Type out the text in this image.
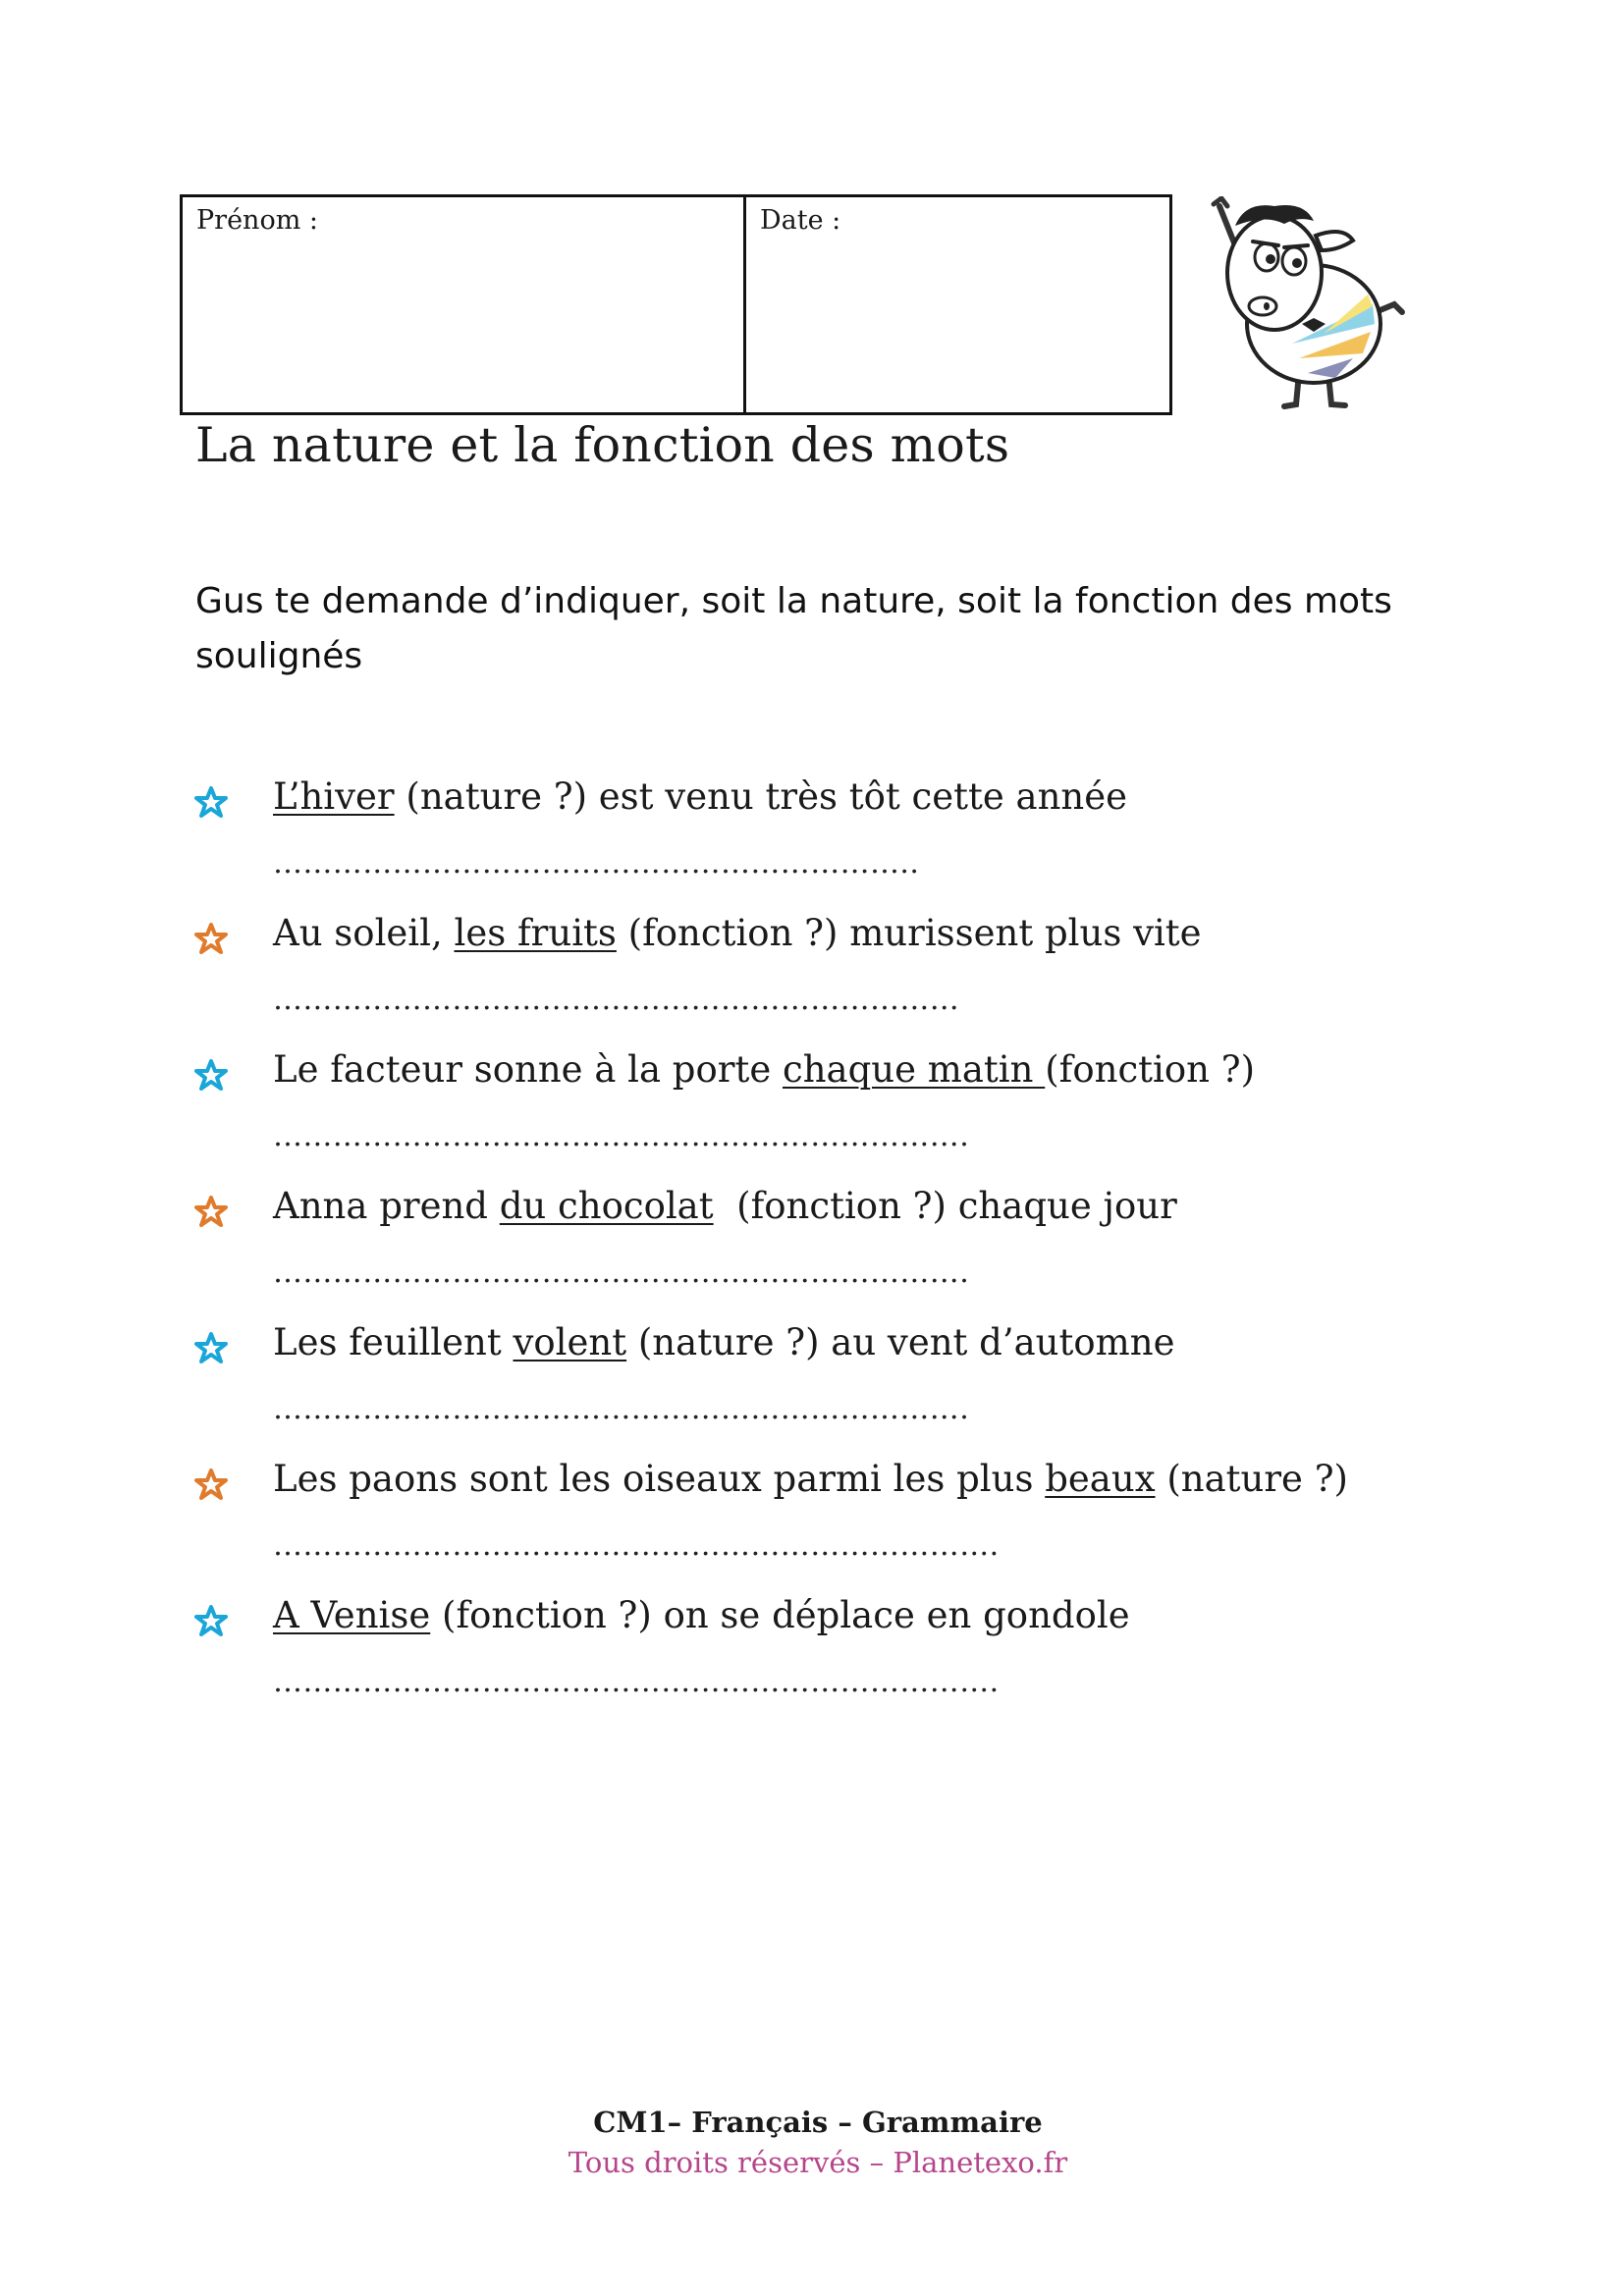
Prénom :	Date :
La nature et la fonction des mots

Gus te demande d’indiquer, soit la nature, soit la fonction des mots soulignés

L’hiver (nature ?) est venu très tôt cette année

………………………………………………………..

Au soleil, les fruits (fonction ?) murissent plus vite

……………………………………………………………

Le facteur sonne à la porte chaque matin (fonction ?)

…………………………………………………………….

Anna prend du chocolat  (fonction ?) chaque jour

…………………………………………………………….

Les feuillent volent (nature ?) au vent d’automne

…………………………………………………………….

Les paons sont les oiseaux parmi les plus beaux (nature ?)

……………………………………………………………….

A Venise (fonction ?) on se déplace en gondole

……………………………………………………………….

CM1– Français – Grammaire

Tous droits réservés – Planetexo.fr
